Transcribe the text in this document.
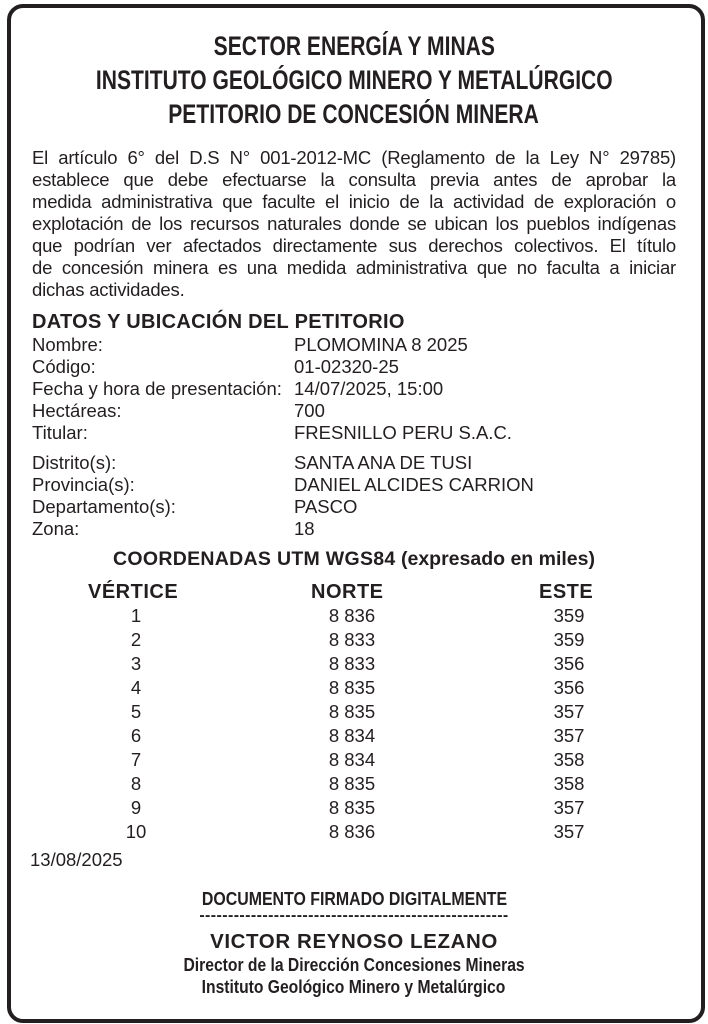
SECTOR ENERGÍA Y MINAS
INSTITUTO GEOLÓGICO MINERO Y METALÚRGICO
PETITORIO DE CONCESIÓN MINERA
El artículo 6° del D.S N° 001-2012-MC (Reglamento de la Ley N° 29785)
establece que debe efectuarse la consulta previa antes de aprobar la
medida administrativa que faculte el inicio de la actividad de exploración o
explotación de los recursos naturales donde se ubican los pueblos indígenas
que podrían ver afectados directamente sus derechos colectivos. El título
de concesión minera es una medida administrativa que no faculta a iniciar
dichas actividades.
DATOS Y UBICACIÓN DEL PETITORIO
Nombre:	PLOMOMINA 8 2025
Código:	01-02320-25
Fecha y hora de presentación: 14/07/2025, 15:00
Hectáreas:	700
Titular:	FRESNILLO PERU S.A.C.
Distrito(s):	SANTA ANA DE TUSI
Provincia(s):	DANIEL ALCIDES CARRION
Departamento(s):	PASCO
Zona:	18
COORDENADAS UTM WGS84 (expresado en miles)
VÉRTICE	NORTE	ESTE
1	8 836	359
2	8 833	359
3	8 833	356
4	8 835	356
5	8 835	357
6	8 834	357
7	8 834	358
8	8 835	358
9	8 835	357
10	8 836	357
13/08/2025
DOCUMENTO FIRMADO DIGITALMENTE
------------------------------------------------------
VICTOR REYNOSO LEZANO
Director de la Dirección Concesiones Mineras
Instituto Geológico Minero y Metalúrgico
